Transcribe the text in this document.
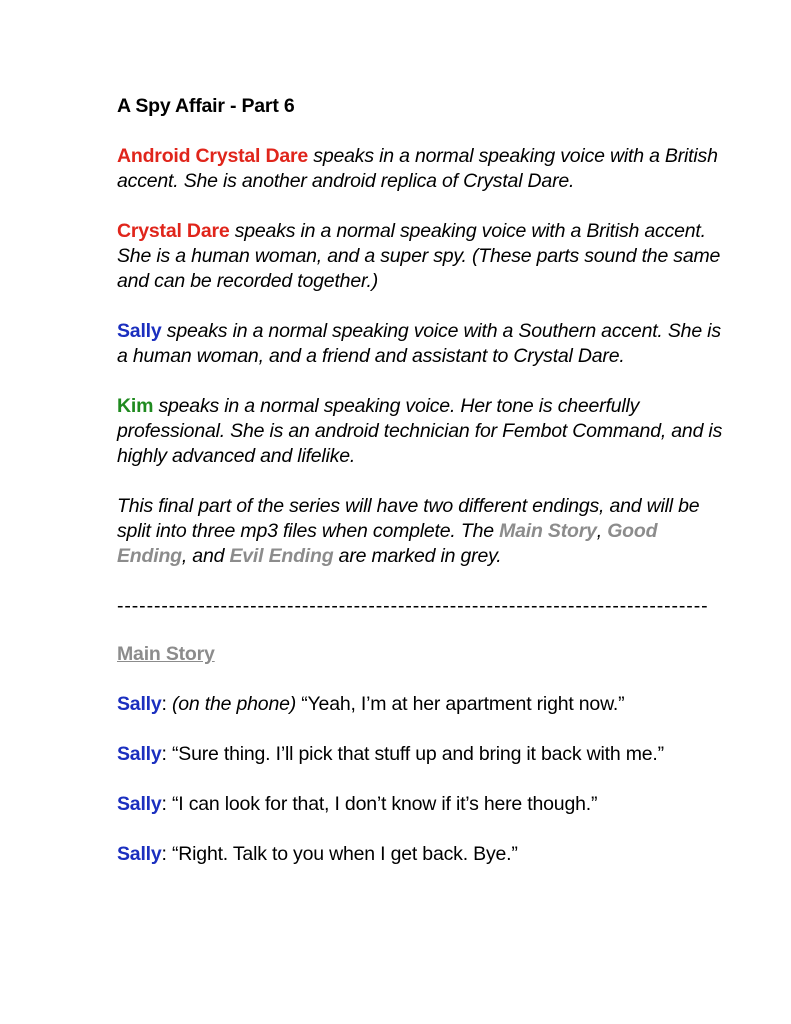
A Spy Affair - Part 6
Android Crystal Dare speaks in a normal speaking voice with a British accent. She is another android replica of Crystal Dare.
Crystal Dare speaks in a normal speaking voice with a British accent. She is a human woman, and a super spy. (These parts sound the same and can be recorded together.)
Sally speaks in a normal speaking voice with a Southern accent. She is a human woman, and a friend and assistant to Crystal Dare.
Kim speaks in a normal speaking voice. Her tone is cheerfully professional. She is an android technician for Fembot Command, and is highly advanced and lifelike.
This final part of the series will have two different endings, and will be split into three mp3 files when complete. The Main Story, Good Ending, and Evil Ending are marked in grey.
--------------------------------------------------------------------------------
Main Story
Sally: (on the phone) “Yeah, I’m at her apartment right now.”
Sally: “Sure thing. I’ll pick that stuff up and bring it back with me.”
Sally: “I can look for that, I don’t know if it’s here though.”
Sally: “Right. Talk to you when I get back. Bye.”
